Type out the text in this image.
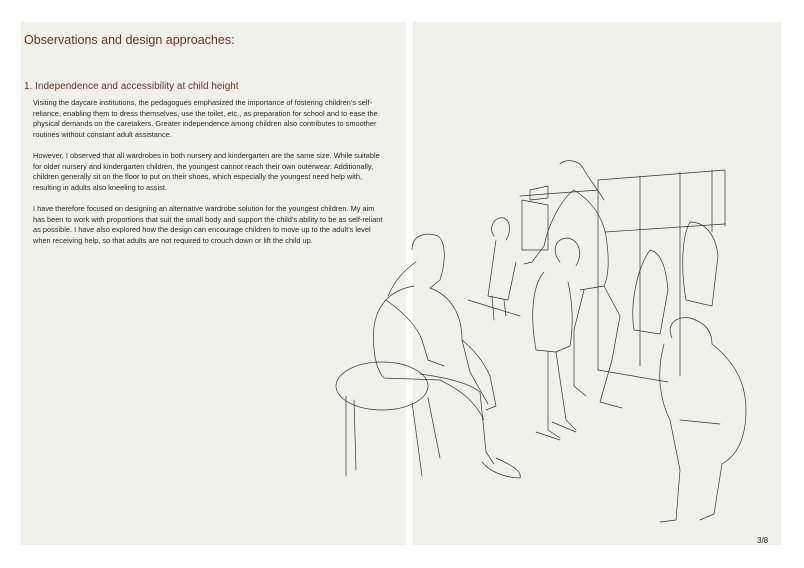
Observations and design approaches:
1. Independence and accessibility at child height

Visiting the daycare institutions, the pedagogues emphasized the importance of fostering children’s self-reliance, enabling them to dress themselves, use the toilet, etc., as preparation for school and to ease the physical demands on the caretakers. Greater independence among children also contributes to smoother routines without constant adult assistance.

However, I observed that all wardrobes in both nursery and kindergarten are the same size. While suitable for older nursery and kindergarten children, the youngest cannot reach their own outerwear. Additionally, children generally sit on the floor to put on their shoes, which especially the youngest need help with, resulting in adults also kneeling to assist.

I have therefore focused on designing an alternative wardrobe solution for the youngest children. My aim has been to work with proportions that suit the small body and support the child’s ability to be as self-reliant as possible. I have also explored how the design can encourage children to move up to the adult’s level when receiving help, so that adults are not required to crouch down or lift the child up.

3/8
